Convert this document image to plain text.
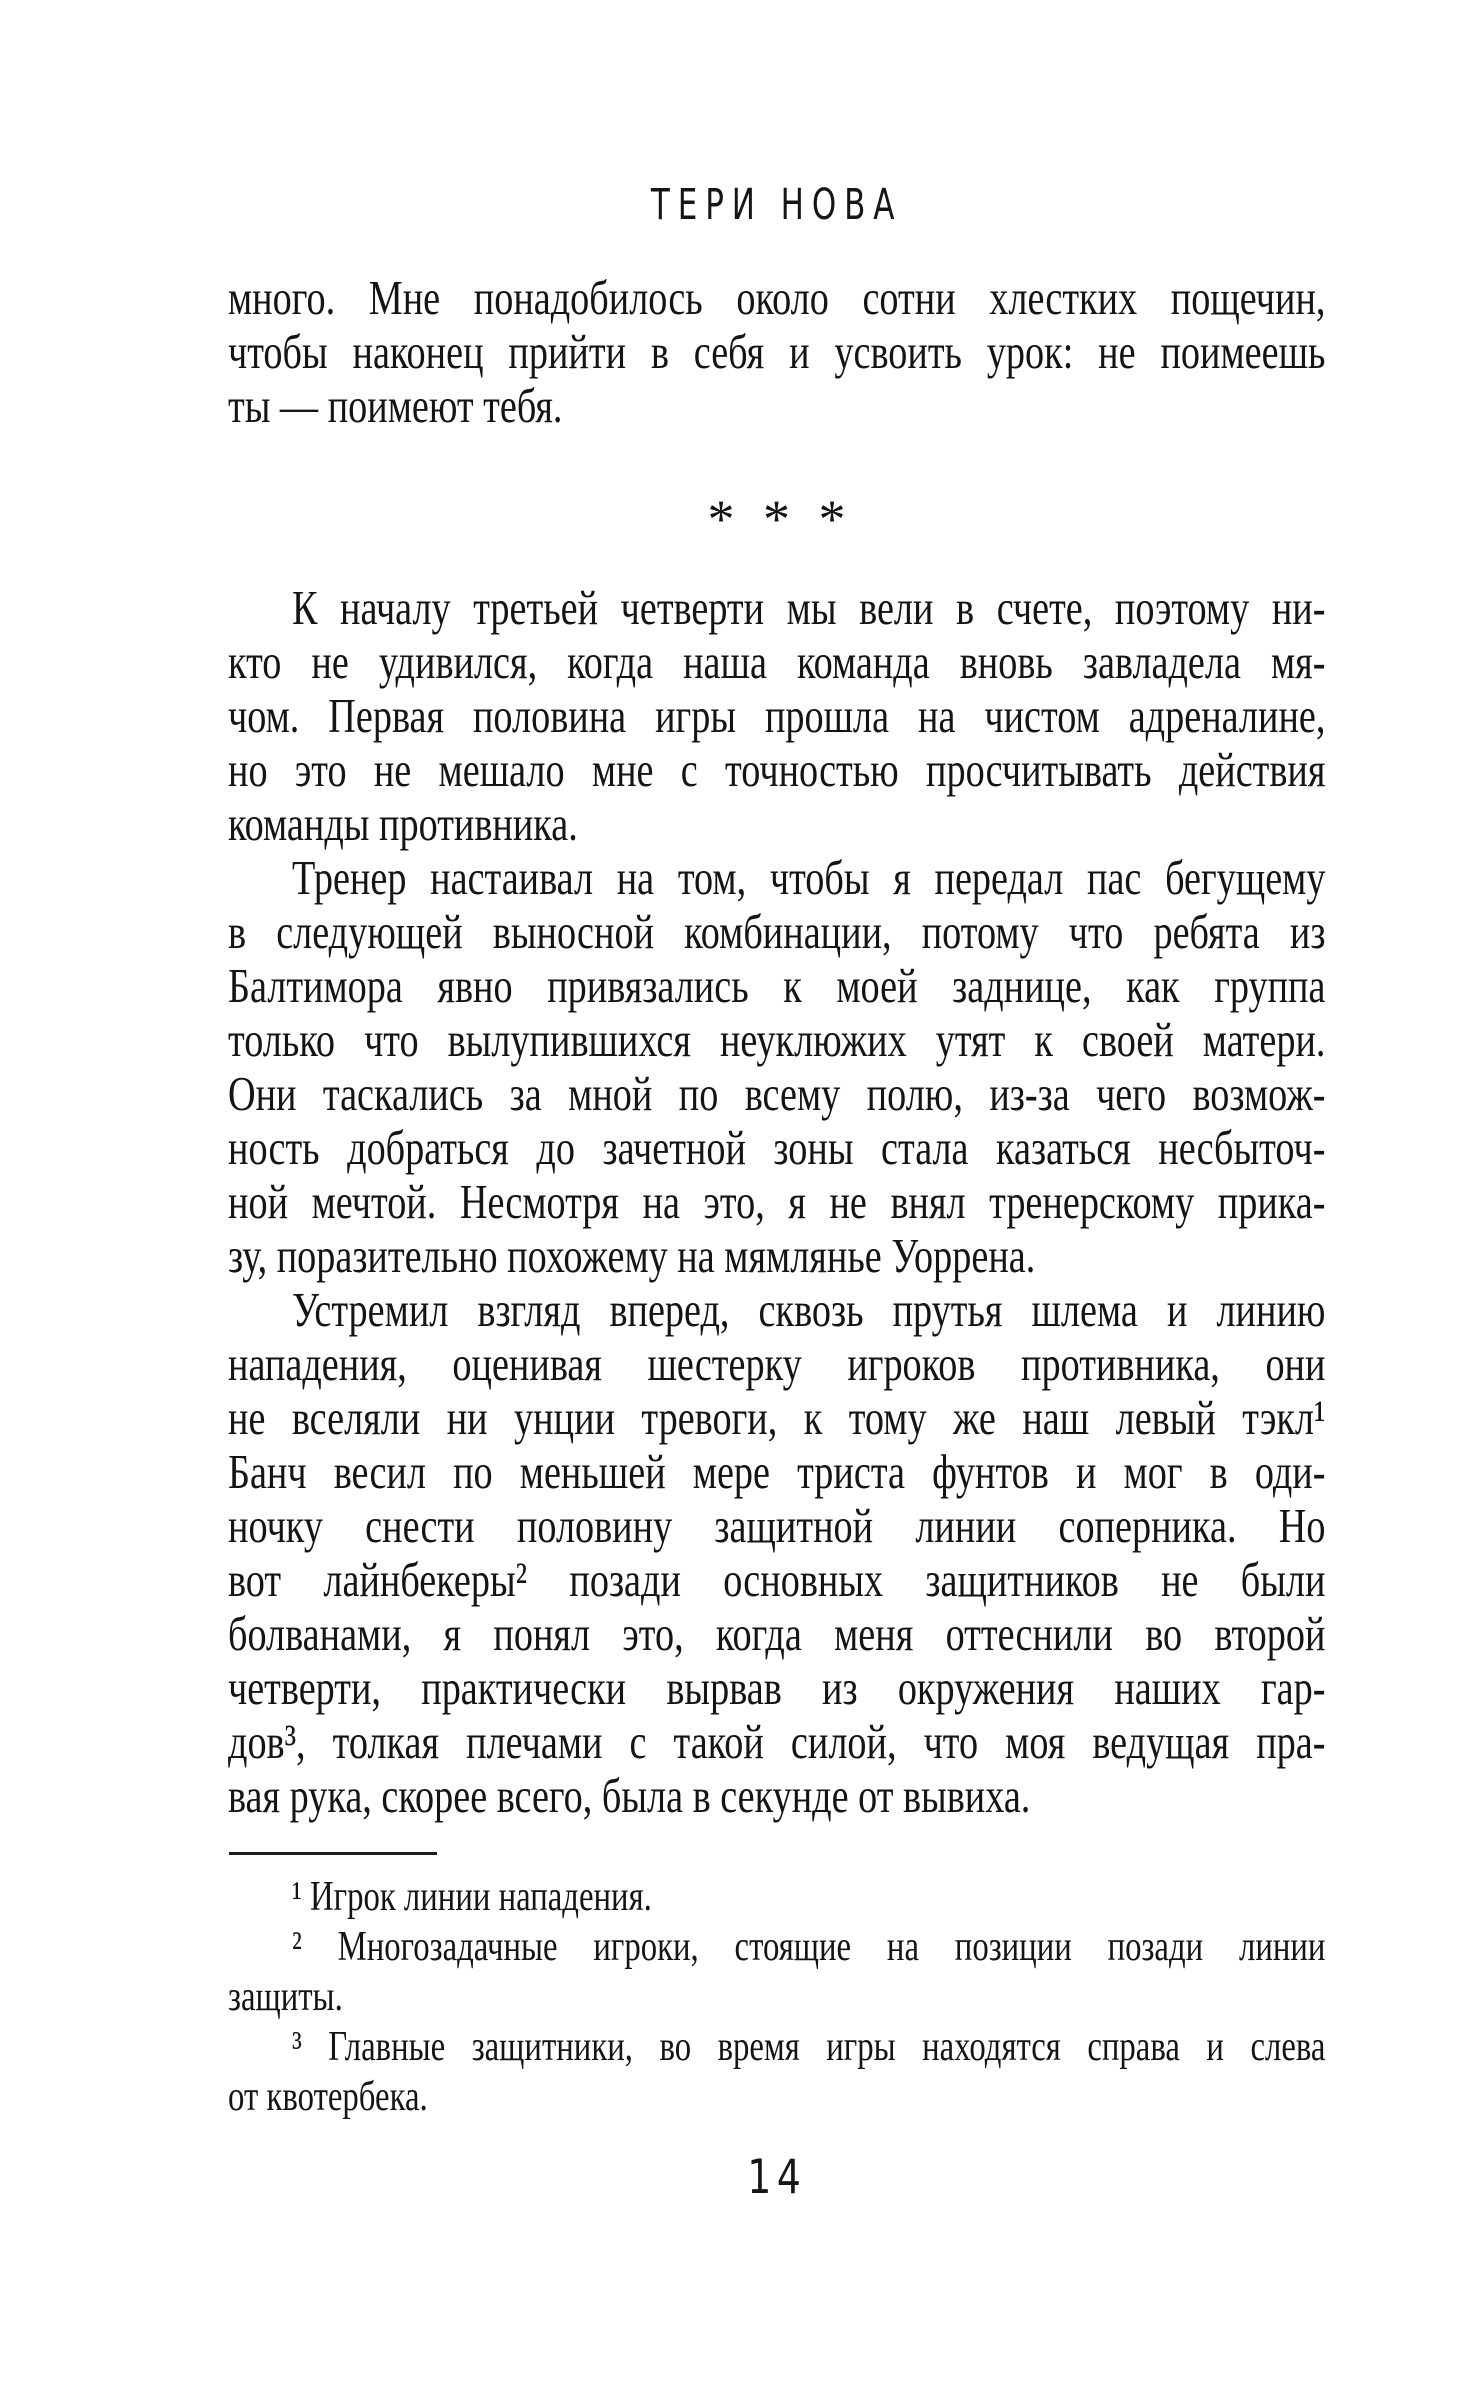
ТЕРИ НОВА
много. Мне понадобилось около сотни хлестких пощечин,
чтобы наконец прийти в себя и усвоить урок: не поимеешь
ты — поимеют тебя.
* * *
К началу третьей четверти мы вели в счете, поэтому ни-
кто не удивился, когда наша команда вновь завладела мя-
чом. Первая половина игры прошла на чистом адреналине,
но это не мешало мне с точностью просчитывать действия
команды противника.
Тренер настаивал на том, чтобы я передал пас бегущему
в следующей выносной комбинации, потому что ребята из
Балтимора явно привязались к моей заднице, как группа
только что вылупившихся неуклюжих утят к своей матери.
Они таскались за мной по всему полю, из-за чего возмож-
ность добраться до зачетной зоны стала казаться несбыточ-
ной мечтой. Несмотря на это, я не внял тренерскому прика-
зу, поразительно похожему на мямлянье Уоррена.
Устремил взгляд вперед, сквозь прутья шлема и линию
нападения, оценивая шестерку игроков противника, они
не вселяли ни унции тревоги, к тому же наш левый тэкл¹
Банч весил по меньшей мере триста фунтов и мог в оди-
ночку снести половину защитной линии соперника. Но
вот лайнбекеры² позади основных защитников не были
болванами, я понял это, когда меня оттеснили во второй
четверти, практически вырвав из окружения наших гар-
дов³, толкая плечами с такой силой, что моя ведущая пра-
вая рука, скорее всего, была в секунде от вывиха.
¹ Игрок линии нападения.
² Многозадачные игроки, стоящие на позиции позади линии
защиты.
³ Главные защитники, во время игры находятся справа и слева
от квотербека.
14
